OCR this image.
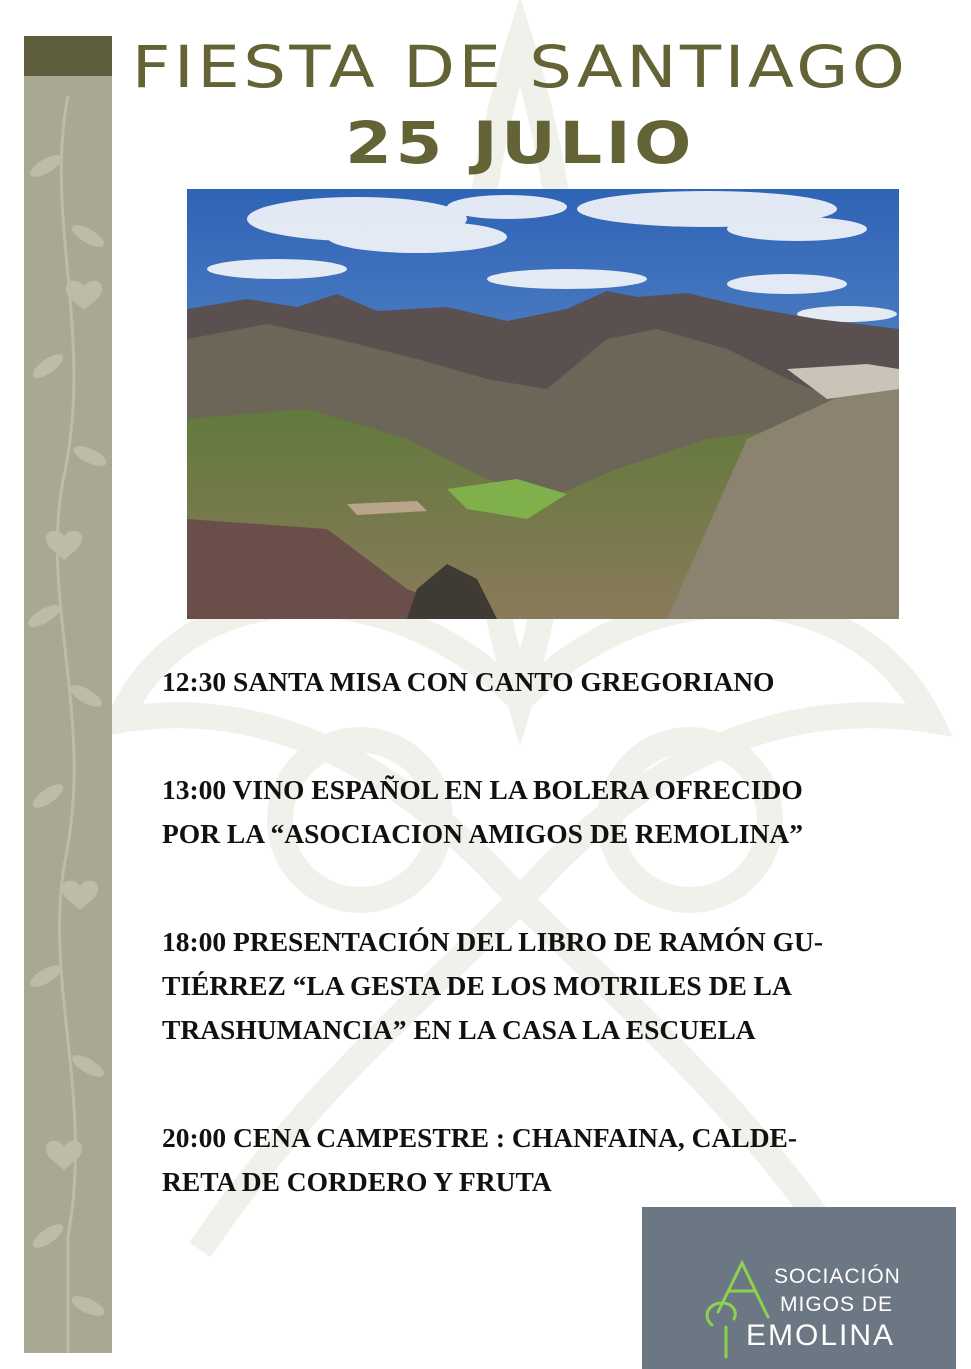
FIESTA DE SANTIAGO
25 JULIO

12:30 SANTA MISA CON CANTO GREGORIANO

13:00 VINO ESPAÑOL EN LA BOLERA OFRECIDO
POR LA “ASOCIACION AMIGOS DE REMOLINA”

18:00 PRESENTACIÓN DEL LIBRO DE RAMÓN GU-
TIÉRREZ “LA GESTA DE LOS MOTRILES DE LA
TRASHUMANCIA” EN LA CASA LA ESCUELA

20:00 CENA CAMPESTRE : CHANFAINA, CALDE-
RETA DE CORDERO Y FRUTA

SOCIACIÓN
MIGOS DE
EMOLINA
